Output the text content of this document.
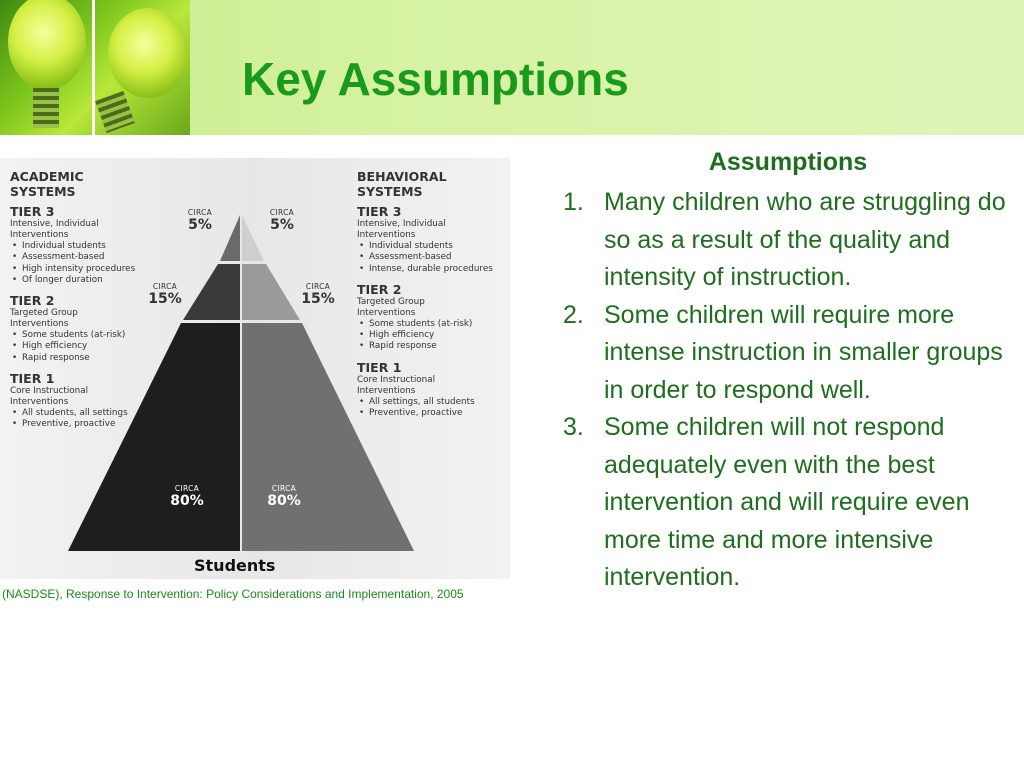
Key Assumptions
ACADEMIC
SYSTEMS
TIER 3
Intensive, Individual
Interventions
• Individual students
• Assessment-based
• High intensity procedures
• Of longer duration
TIER 2
Targeted Group
Interventions
• Some students (at-risk)
• High efficiency
• Rapid response
TIER 1
Core Instructional
Interventions
• All students, all settings
• Preventive, proactive
BEHAVIORAL
SYSTEMS
TIER 3
Intensive, Individual
Interventions
• Individual students
• Assessment-based
• Intense, durable procedures
TIER 2
Targeted Group
Interventions
• Some students (at-risk)
• High efficiency
• Rapid response
TIER 1
Core Instructional
Interventions
• All settings, all students
• Preventive, proactive
CIRCA
5%
CIRCA
5%
CIRCA
15%
CIRCA
15%
CIRCA
80%
CIRCA
80%
Students
(NASDSE), Response to Intervention: Policy Considerations and Implementation, 2005
Assumptions
1. Many children who are struggling do so as a result of the quality and intensity of instruction.
2. Some children will require more intense instruction in smaller groups in order to respond well.
3. Some children will not respond adequately even with the best intervention and will require even more time and more intensive intervention.
